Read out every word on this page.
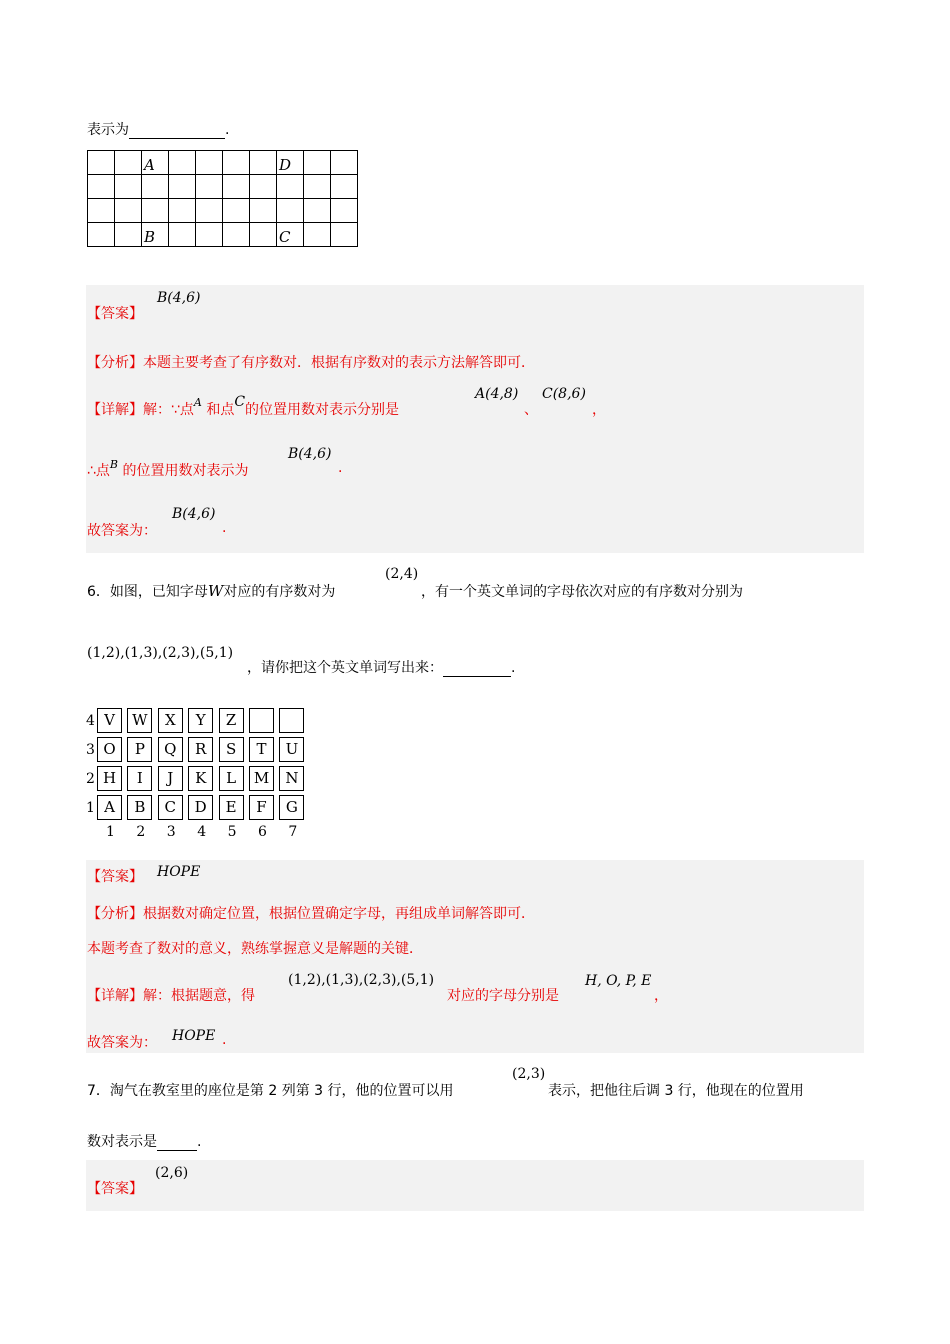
表示为	.
		A					D		

		B					C		
【答案】
B(4,6)
【分析】本题主要考查了有序数对．根据有序数对的表示方法解答即可．
【详解】解：∵点$^A$ 和点C的位置用数对表示分别是
A(4,8)
、
C(8,6)
，
∴点$^B$ 的位置用数对表示为
B(4,6)
.
故答案为：
B(4,6)
.
6．如图，已知字母W对应的有序数对为
(2,4)
，有一个英文单词的字母依次对应的有序数对分别为
(1,2),(1,3),(2,3),(5,1)
，请你把这个英文单词写出来：	.
4 V	W	X	Y	Z
3 O	P	Q	R	S	T	U
2 H	I	J	K	L	M	N
1 A	B	C	D	E	F	G
1 2 3 4 5 6 7
【答案】 HOPE
【分析】根据数对确定位置，根据位置确定字母，再组成单词解答即可．
本题考查了数对的意义，熟练掌握意义是解题的关键．
【详解】解：根据题意，得
(1,2),(1,3),(2,3),(5,1)
对应的字母分别是
H, O, P, E
，
故答案为： HOPE .
7．淘气在教室里的座位是第 2 列第 3 行，他的位置可以用
(2,3)
表示，把他往后调 3 行，他现在的位置用
数对表示是	.
【答案】
(2,6)
